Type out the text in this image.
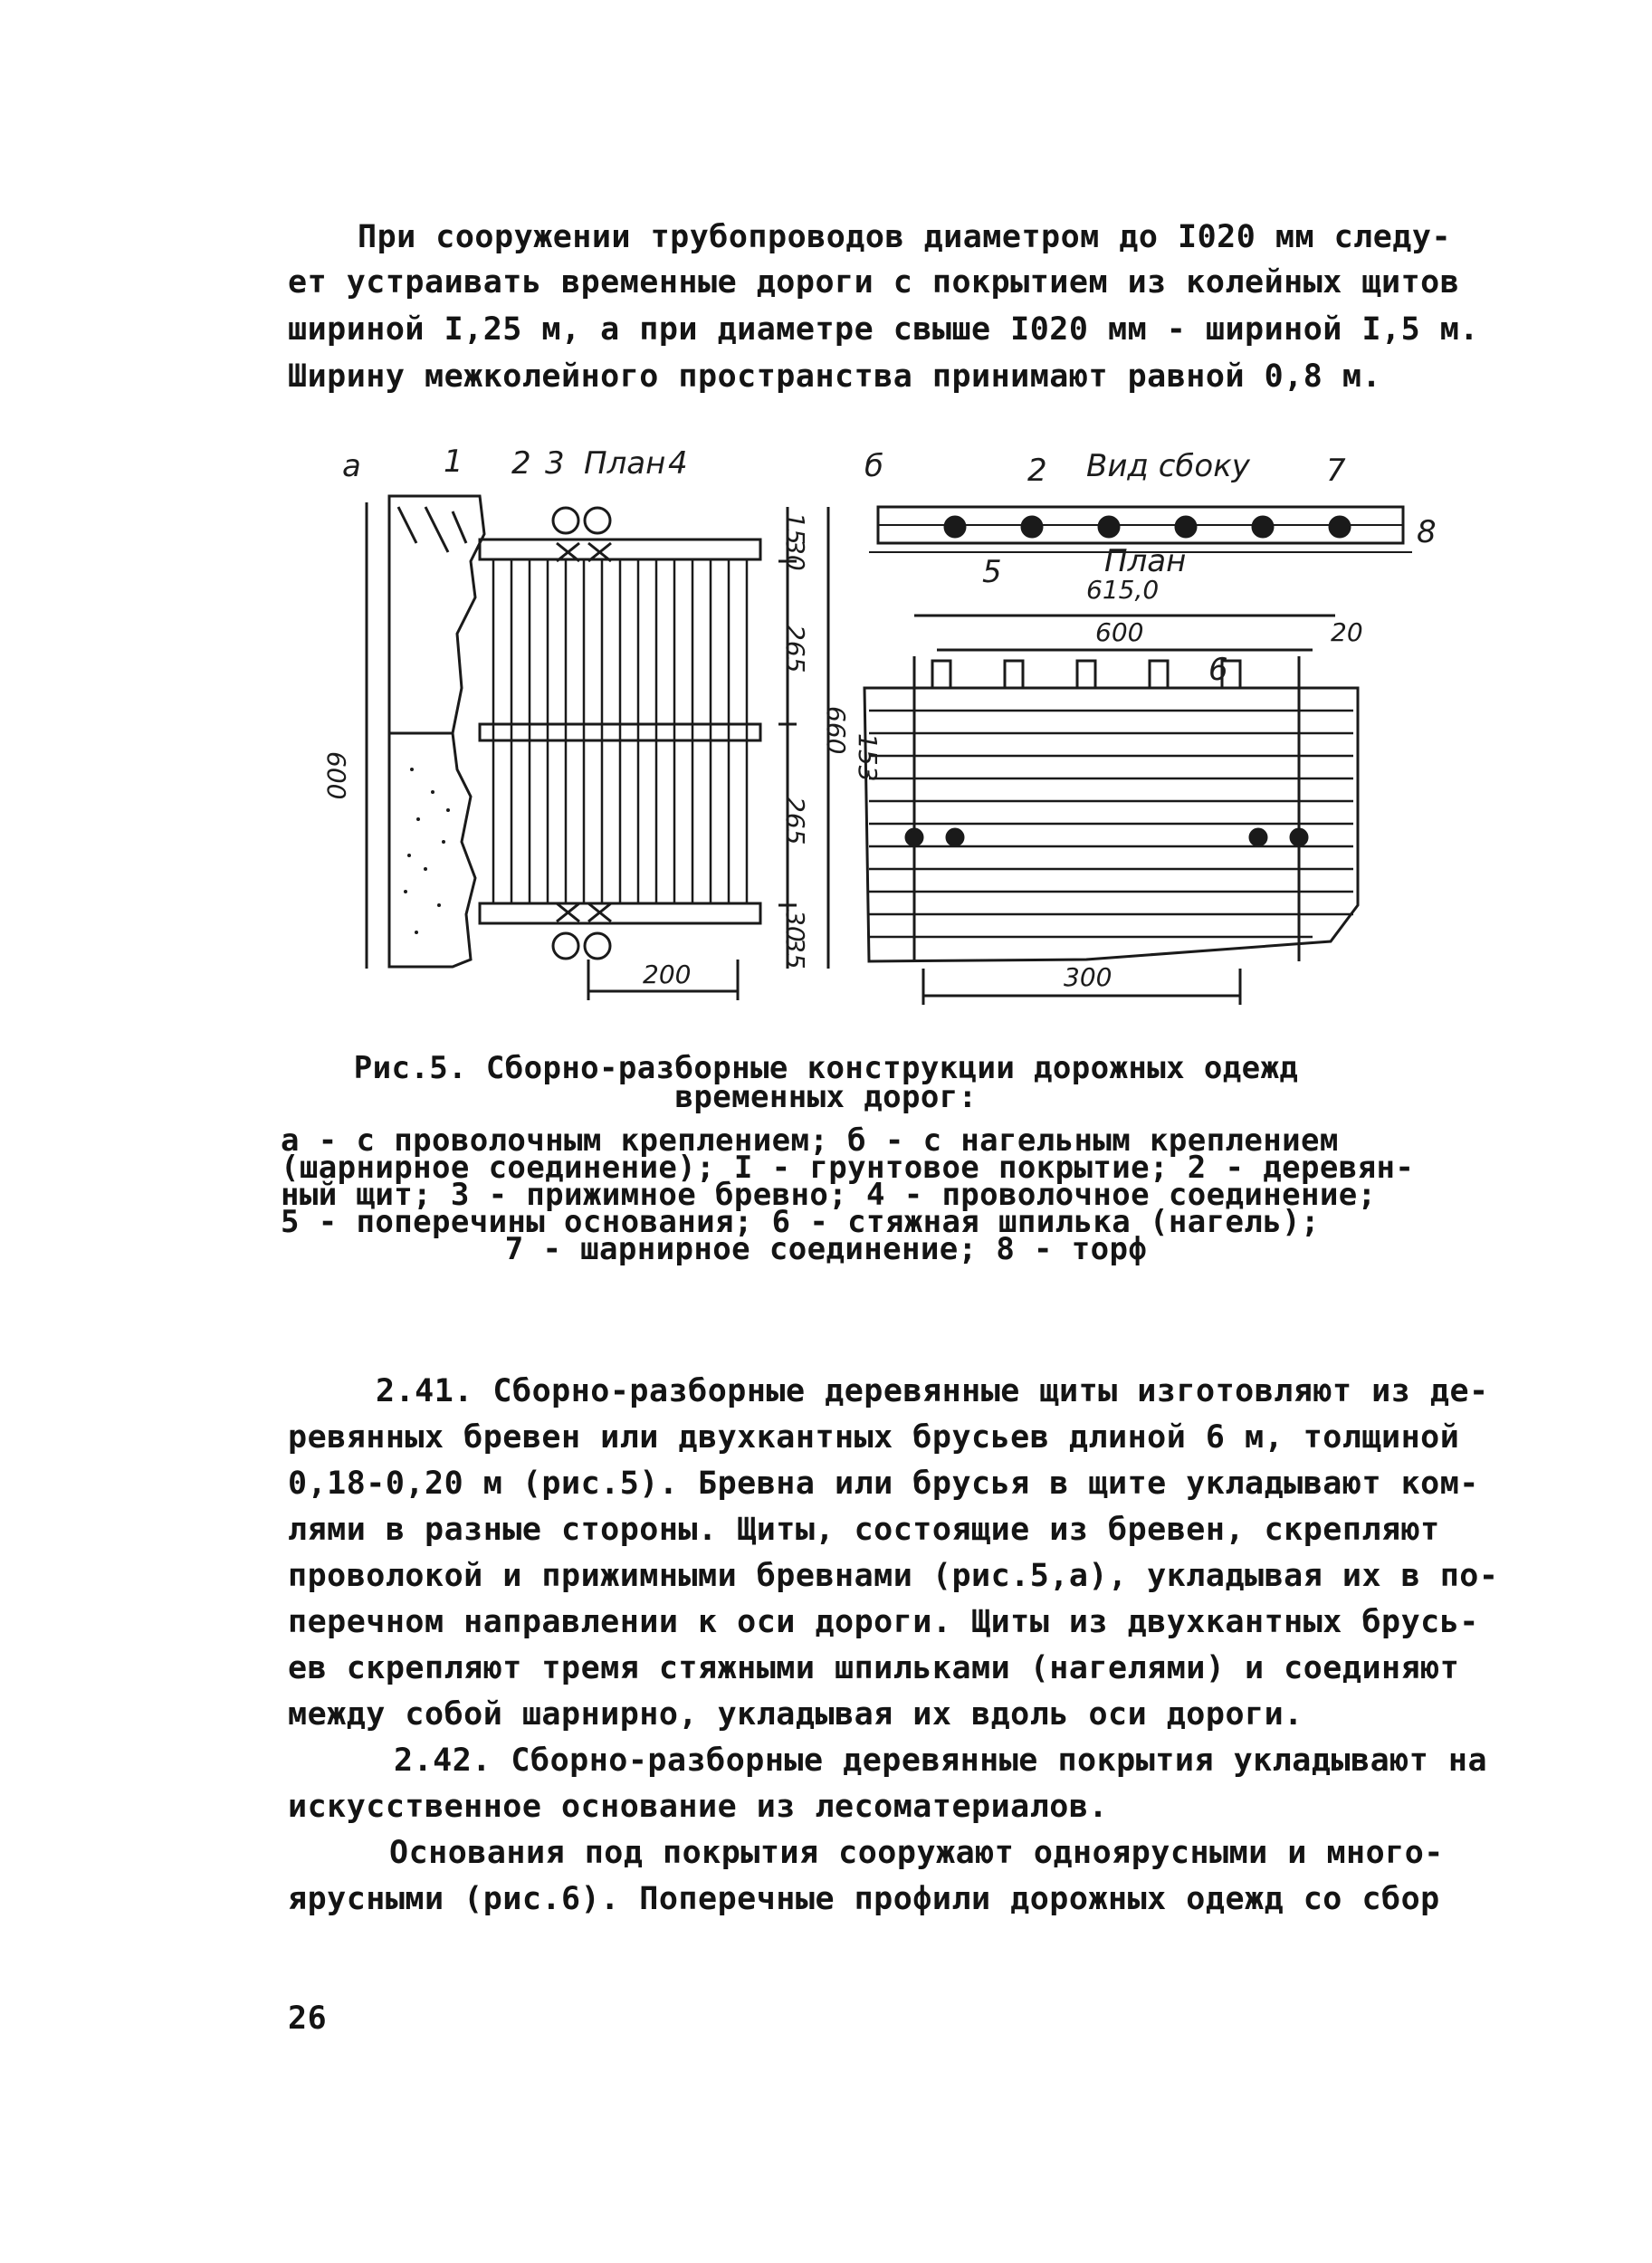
При сооружении трубопроводов диаметром до I020 мм следу-
ет устраивать временные дороги с покрытием из колейных щитов
шириной I,25 м, а при диаметре свыше I020 мм - шириной I,5 м.
Ширину межколейного пространства принимают равной 0,8 м.
а	1 2 3 План 4
15
30
265
660
600
265
30
35
200
б	2 Вид сбоку 7
8
План
5
6
615,0
600	20
153
300
Рис.5. Сборно-разборные конструкции дорожных одежд
временных дорог:
а - с проволочным креплением; б - с нагельным креплением
(шарнирное соединение); I - грунтовое покрытие; 2 - деревян-
ный щит; 3 - прижимное бревно; 4 - проволочное соединение;
5 - поперечины основания; 6 - стяжная шпилька (нагель);
7 - шарнирное соединение; 8 - торф
2.41. Сборно-разборные деревянные щиты изготовляют из де-
ревянных бревен или двухкантных брусьев длиной 6 м, толщиной
0,18-0,20 м (рис.5). Бревна или брусья в щите укладывают ком-
лями в разные стороны. Щиты, состоящие из бревен, скрепляют
проволокой и прижимными бревнами (рис.5,а), укладывая их в по-
перечном направлении к оси дороги. Щиты из двухкантных брусь-
ев скрепляют тремя стяжными шпильками (нагелями) и соединяют
между собой шарнирно, укладывая их вдоль оси дороги.
2.42. Сборно-разборные деревянные покрытия укладывают на
искусственное основание из лесоматериалов.
Основания под покрытия сооружают одноярусными и много-
ярусными (рис.6). Поперечные профили дорожных одежд со сбор
26
